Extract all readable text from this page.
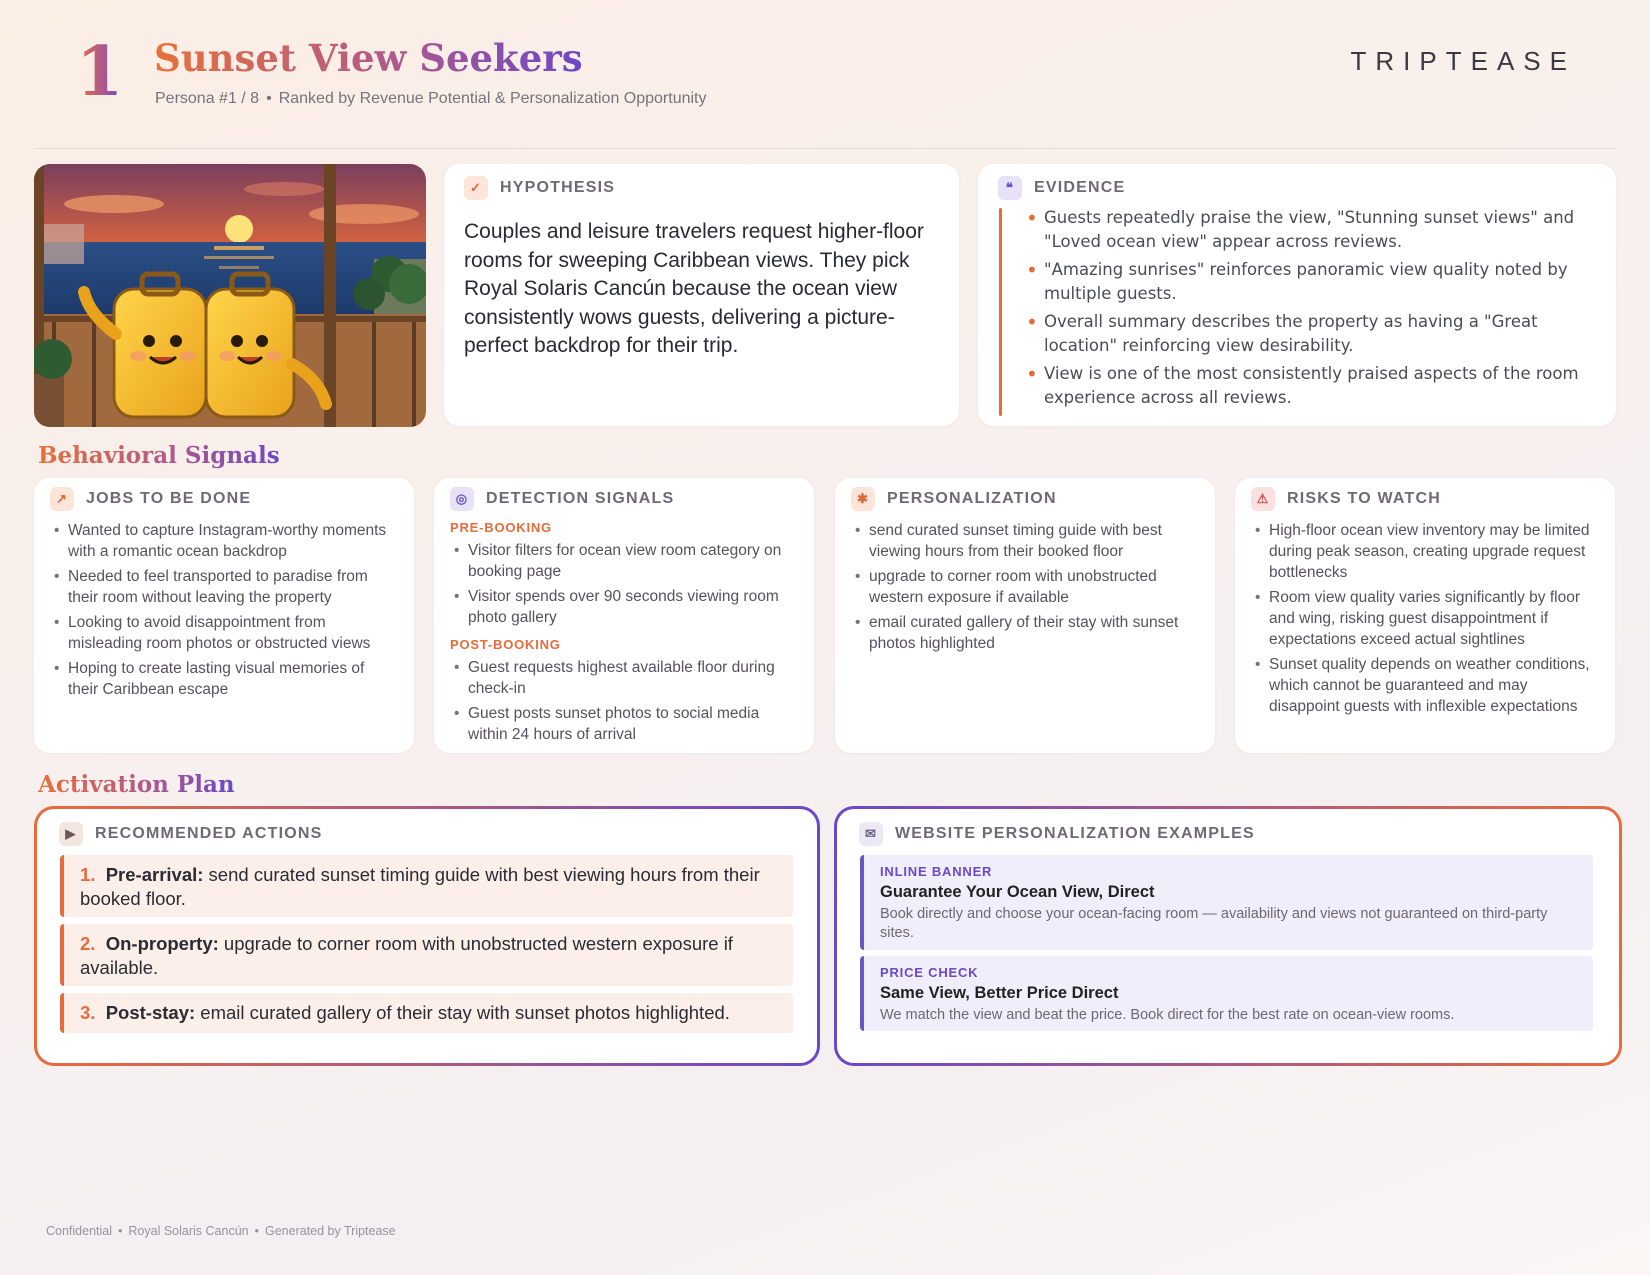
1 Sunset View Seekers
Persona #1 / 8 • Ranked by Revenue Potential & Personalization Opportunity
TRIPTEASE
✓	HYPOTHESIS
Couples and leisure travelers request higher-floor rooms for sweeping Caribbean views. They pick Royal Solaris Cancún because the ocean view consistently wows guests, delivering a picture-perfect backdrop for their trip.
❝	EVIDENCE
• Guests repeatedly praise the view, "Stunning sunset views" and "Loved ocean view" appear across reviews.
• "Amazing sunrises" reinforces panoramic view quality noted by multiple guests.
• Overall summary describes the property as having a "Great location" reinforcing view desirability.
• View is one of the most consistently praised aspects of the room experience across all reviews.
Behavioral Signals
↗	JOBS TO BE DONE
• Wanted to capture Instagram-worthy moments with a romantic ocean backdrop
• Needed to feel transported to paradise from their room without leaving the property
• Looking to avoid disappointment from misleading room photos or obstructed views
• Hoping to create lasting visual memories of their Caribbean escape
◎	DETECTION SIGNALS
PRE-BOOKING
• Visitor filters for ocean view room category on booking page
• Visitor spends over 90 seconds viewing room photo gallery
POST-BOOKING
• Guest requests highest available floor during check-in
• Guest posts sunset photos to social media within 24 hours of arrival
✱	PERSONALIZATION
• send curated sunset timing guide with best viewing hours from their booked floor
• upgrade to corner room with unobstructed western exposure if available
• email curated gallery of their stay with sunset photos highlighted
⚠	RISKS TO WATCH
• High-floor ocean view inventory may be limited during peak season, creating upgrade request bottlenecks
• Room view quality varies significantly by floor and wing, risking guest disappointment if expectations exceed actual sightlines
• Sunset quality depends on weather conditions, which cannot be guaranteed and may disappoint guests with inflexible expectations
Activation Plan
▶	RECOMMENDED ACTIONS
1. Pre-arrival: send curated sunset timing guide with best viewing hours from their booked floor.
2. On-property: upgrade to corner room with unobstructed western exposure if available.
3. Post-stay: email curated gallery of their stay with sunset photos highlighted.
✉	WEBSITE PERSONALIZATION EXAMPLES
INLINE BANNER
Guarantee Your Ocean View, Direct
Book directly and choose your ocean-facing room — availability and views not guaranteed on third-party sites.
PRICE CHECK
Same View, Better Price Direct
We match the view and beat the price. Book direct for the best rate on ocean-view rooms.
Confidential • Royal Solaris Cancún • Generated by Triptease
